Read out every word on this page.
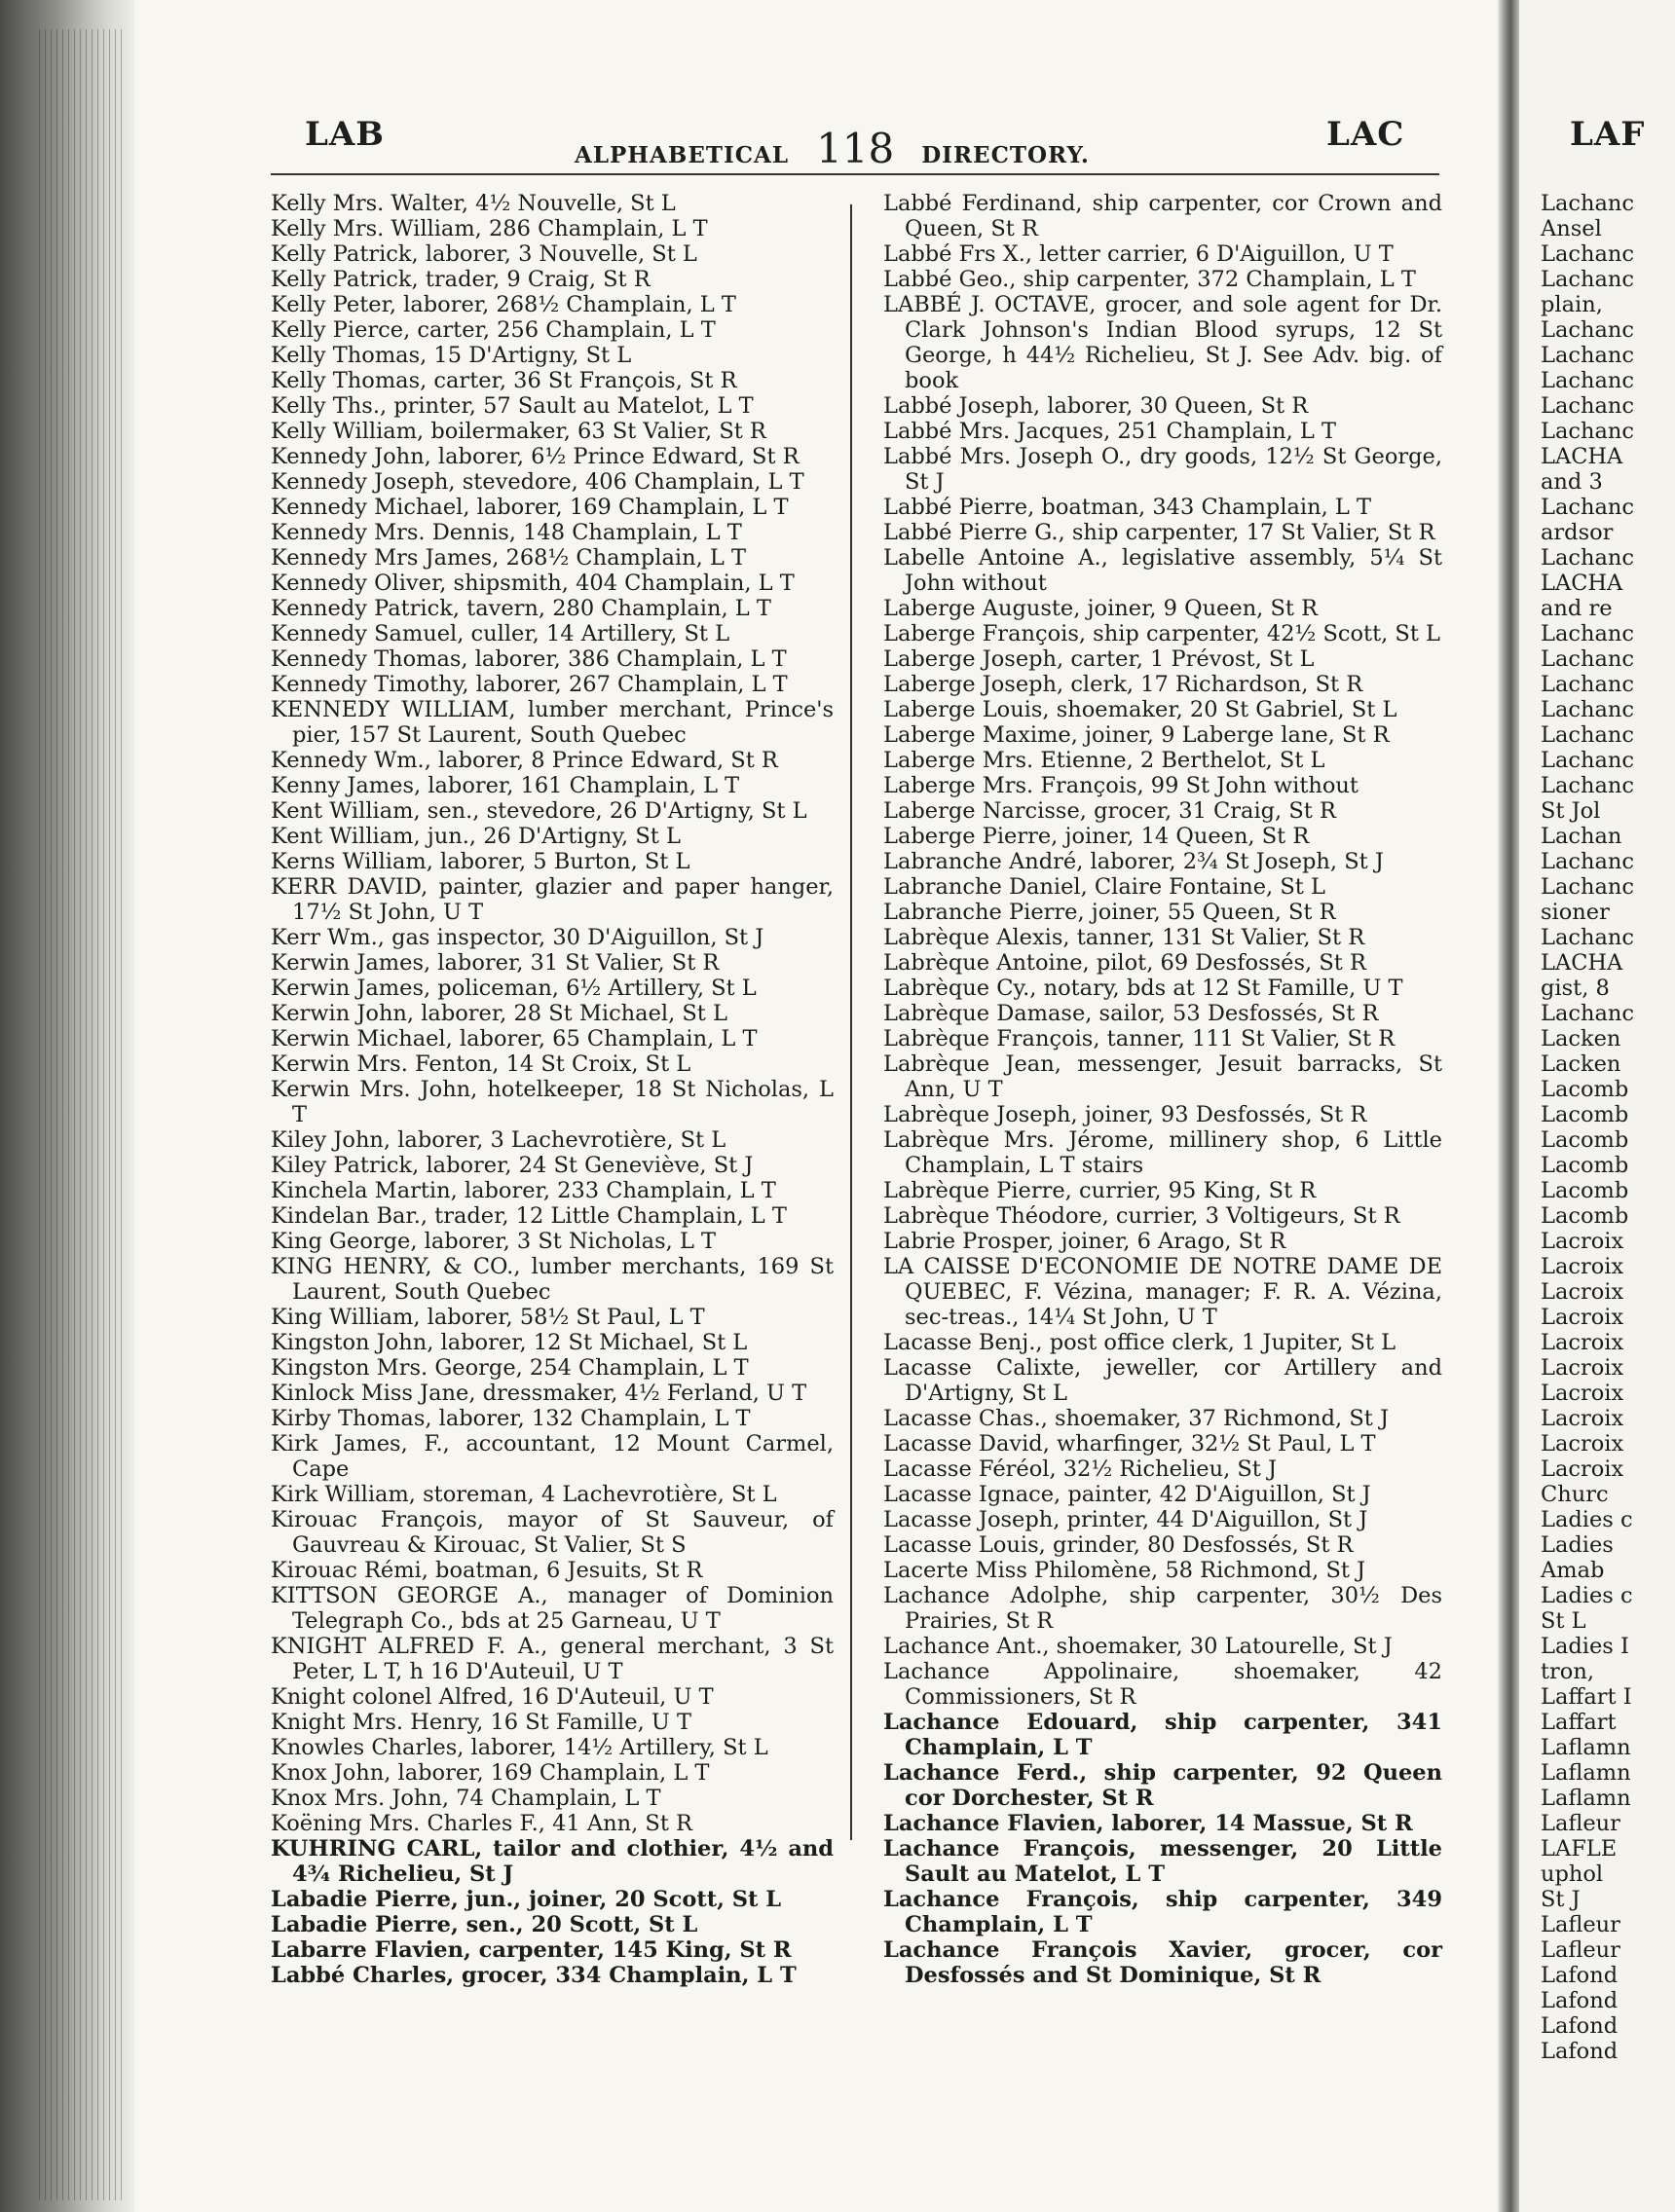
LAF
Lachanc
Ansel
Lachanc
Lachanc
plain,
Lachanc
Lachanc
Lachanc
Lachanc
Lachanc
LACHA
and 3
Lachanc
ardsor
Lachanc
LACHA
and re
Lachanc
Lachanc
Lachanc
Lachanc
Lachanc
Lachanc
Lachanc
St Jol
Lachan
Lachanc
Lachanc
sioner
Lachanc
LACHA
gist, 8
Lachanc
Lacken
Lacken
Lacomb
Lacomb
Lacomb
Lacomb
Lacomb
Lacomb
Lacroix
Lacroix
Lacroix
Lacroix
Lacroix
Lacroix
Lacroix
Lacroix
Lacroix
Lacroix
Churc
Ladies c
Ladies
Amab
Ladies c
St L
Ladies I
tron,
Laffart I
Laffart
Laflamn
Laflamn
Laflamn
Lafleur
LAFLE
uphol
St J
Lafleur
Lafleur
Lafond
Lafond
Lafond
Lafond
LAB
ALPHABETICAL 118 DIRECTORY.
LAC

Kelly Mrs. Walter, 4½ Nouvelle, St L

Kelly Mrs. William, 286 Champlain, L T

Kelly Patrick, laborer, 3 Nouvelle, St L

Kelly Patrick, trader, 9 Craig, St R

Kelly Peter, laborer, 268½ Champlain, L T

Kelly Pierce, carter, 256 Champlain, L T

Kelly Thomas, 15 D'Artigny, St L

Kelly Thomas, carter, 36 St François, St R

Kelly Ths., printer, 57 Sault au Matelot, L T

Kelly William, boilermaker, 63 St Valier, St R

Kennedy John, laborer, 6½ Prince Edward, St R

Kennedy Joseph, stevedore, 406 Champlain, L T

Kennedy Michael, laborer, 169 Champlain, L T

Kennedy Mrs. Dennis, 148 Champlain, L T

Kennedy Mrs James, 268½ Champlain, L T

Kennedy Oliver, shipsmith, 404 Champlain, L T

Kennedy Patrick, tavern, 280 Champlain, L T

Kennedy Samuel, culler, 14 Artillery, St L

Kennedy Thomas, laborer, 386 Champlain, L T

Kennedy Timothy, laborer, 267 Champlain, L T

KENNEDY WILLIAM, lumber merchant, Prince's pier, 157 St Laurent, South Quebec

Kennedy Wm., laborer, 8 Prince Edward, St R

Kenny James, laborer, 161 Champlain, L T

Kent William, sen., stevedore, 26 D'Artigny, St L

Kent William, jun., 26 D'Artigny, St L

Kerns William, laborer, 5 Burton, St L

KERR DAVID, painter, glazier and paper hanger, 17½ St John, U T

Kerr Wm., gas inspector, 30 D'Aiguillon, St J

Kerwin James, laborer, 31 St Valier, St R

Kerwin James, policeman, 6½ Artillery, St L

Kerwin John, laborer, 28 St Michael, St L

Kerwin Michael, laborer, 65 Champlain, L T

Kerwin Mrs. Fenton, 14 St Croix, St L

Kerwin Mrs. John, hotelkeeper, 18 St Nicholas, L T

Kiley John, laborer, 3 Lachevrotière, St L

Kiley Patrick, laborer, 24 St Geneviève, St J

Kinchela Martin, laborer, 233 Champlain, L T

Kindelan Bar., trader, 12 Little Champlain, L T

King George, laborer, 3 St Nicholas, L T

KING HENRY, & CO., lumber merchants, 169 St Laurent, South Quebec

King William, laborer, 58½ St Paul, L T

Kingston John, laborer, 12 St Michael, St L

Kingston Mrs. George, 254 Champlain, L T

Kinlock Miss Jane, dressmaker, 4½ Ferland, U T

Kirby Thomas, laborer, 132 Champlain, L T

Kirk James, F., accountant, 12 Mount Carmel, Cape

Kirk William, storeman, 4 Lachevrotière, St L

Kirouac François, mayor of St Sauveur, of Gauvreau & Kirouac, St Valier, St S

Kirouac Rémi, boatman, 6 Jesuits, St R

KITTSON GEORGE A., manager of Dominion Telegraph Co., bds at 25 Garneau, U T

KNIGHT ALFRED F. A., general merchant, 3 St Peter, L T, h 16 D'Auteuil, U T

Knight colonel Alfred, 16 D'Auteuil, U T

Knight Mrs. Henry, 16 St Famille, U T

Knowles Charles, laborer, 14½ Artillery, St L

Knox John, laborer, 169 Champlain, L T

Knox Mrs. John, 74 Champlain, L T

Koëning Mrs. Charles F., 41 Ann, St R

KUHRING CARL, tailor and clothier, 4½ and 4¾ Richelieu, St J

Labadie Pierre, jun., joiner, 20 Scott, St L

Labadie Pierre, sen., 20 Scott, St L

Labarre Flavien, carpenter, 145 King, St R

Labbé Charles, grocer, 334 Champlain, L T

Labbé Ferdinand, ship carpenter, cor Crown and Queen, St R

Labbé Frs X., letter carrier, 6 D'Aiguillon, U T

Labbé Geo., ship carpenter, 372 Champlain, L T

LABBÉ J. OCTAVE, grocer, and sole agent for Dr. Clark Johnson's Indian Blood syrups, 12 St George, h 44½ Richelieu, St J. See Adv. big. of book

Labbé Joseph, laborer, 30 Queen, St R

Labbé Mrs. Jacques, 251 Champlain, L T

Labbé Mrs. Joseph O., dry goods, 12½ St George, St J

Labbé Pierre, boatman, 343 Champlain, L T

Labbé Pierre G., ship carpenter, 17 St Valier, St R

Labelle Antoine A., legislative assembly, 5¼ St John without

Laberge Auguste, joiner, 9 Queen, St R

Laberge François, ship carpenter, 42½ Scott, St L

Laberge Joseph, carter, 1 Prévost, St L

Laberge Joseph, clerk, 17 Richardson, St R

Laberge Louis, shoemaker, 20 St Gabriel, St L

Laberge Maxime, joiner, 9 Laberge lane, St R

Laberge Mrs. Etienne, 2 Berthelot, St L

Laberge Mrs. François, 99 St John without

Laberge Narcisse, grocer, 31 Craig, St R

Laberge Pierre, joiner, 14 Queen, St R

Labranche André, laborer, 2¾ St Joseph, St J

Labranche Daniel, Claire Fontaine, St L

Labranche Pierre, joiner, 55 Queen, St R

Labrèque Alexis, tanner, 131 St Valier, St R

Labrèque Antoine, pilot, 69 Desfossés, St R

Labrèque Cy., notary, bds at 12 St Famille, U T

Labrèque Damase, sailor, 53 Desfossés, St R

Labrèque François, tanner, 111 St Valier, St R

Labrèque Jean, messenger, Jesuit barracks, St Ann, U T

Labrèque Joseph, joiner, 93 Desfossés, St R

Labrèque Mrs. Jérome, millinery shop, 6 Little Champlain, L T stairs

Labrèque Pierre, currier, 95 King, St R

Labrèque Théodore, currier, 3 Voltigeurs, St R

Labrie Prosper, joiner, 6 Arago, St R

LA CAISSE D'ECONOMIE DE NOTRE DAME DE QUEBEC, F. Vézina, manager; F. R. A. Vézina, sec-treas., 14¼ St John, U T

Lacasse Benj., post office clerk, 1 Jupiter, St L

Lacasse Calixte, jeweller, cor Artillery and D'Artigny, St L

Lacasse Chas., shoemaker, 37 Richmond, St J

Lacasse David, wharfinger, 32½ St Paul, L T

Lacasse Féréol, 32½ Richelieu, St J

Lacasse Ignace, painter, 42 D'Aiguillon, St J

Lacasse Joseph, printer, 44 D'Aiguillon, St J

Lacasse Louis, grinder, 80 Desfossés, St R

Lacerte Miss Philomène, 58 Richmond, St J

Lachance Adolphe, ship carpenter, 30½ Des Prairies, St R

Lachance Ant., shoemaker, 30 Latourelle, St J

Lachance Appolinaire, shoemaker, 42 Commissioners, St R

Lachance Edouard, ship carpenter, 341 Champlain, L T

Lachance Ferd., ship carpenter, 92 Queen cor Dorchester, St R

Lachance Flavien, laborer, 14 Massue, St R

Lachance François, messenger, 20 Little Sault au Matelot, L T

Lachance François, ship carpenter, 349 Champlain, L T

Lachance François Xavier, grocer, cor Desfossés and St Dominique, St R
